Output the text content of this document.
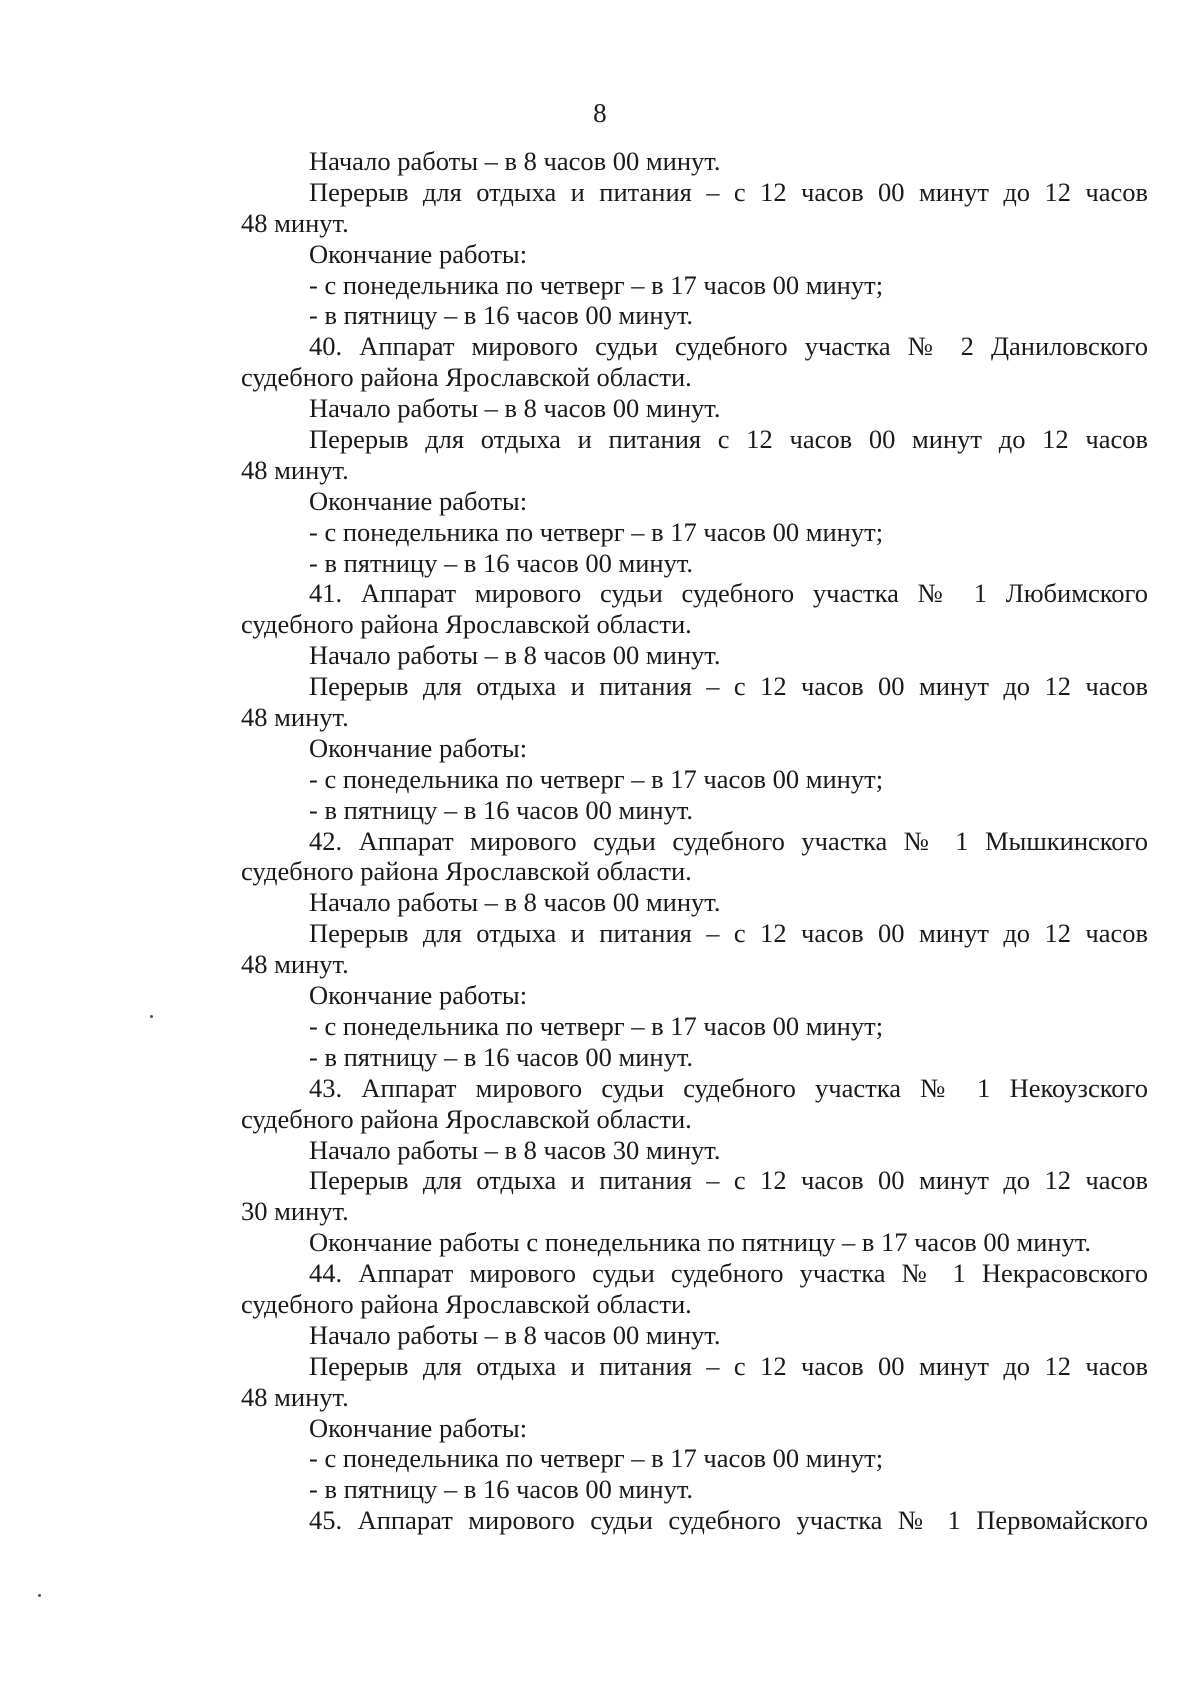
8
Начало работы – в 8 часов 00 минут.
Перерыв для отдыха и питания – с 12 часов 00 минут до 12 часов
48 минут.
Окончание работы:
- с понедельника по четверг – в 17 часов 00 минут;
- в пятницу – в 16 часов 00 минут.
40. Аппарат мирового судьи судебного участка № 2 Даниловского
судебного района Ярославской области.
Начало работы – в 8 часов 00 минут.
Перерыв для отдыха и питания с 12 часов 00 минут до 12 часов
48 минут.
Окончание работы:
- с понедельника по четверг – в 17 часов 00 минут;
- в пятницу – в 16 часов 00 минут.
41. Аппарат мирового судьи судебного участка № 1 Любимского
судебного района Ярославской области.
Начало работы – в 8 часов 00 минут.
Перерыв для отдыха и питания – с 12 часов 00 минут до 12 часов
48 минут.
Окончание работы:
- с понедельника по четверг – в 17 часов 00 минут;
- в пятницу – в 16 часов 00 минут.
42. Аппарат мирового судьи судебного участка № 1 Мышкинского
судебного района Ярославской области.
Начало работы – в 8 часов 00 минут.
Перерыв для отдыха и питания – с 12 часов 00 минут до 12 часов
48 минут.
Окончание работы:
- с понедельника по четверг – в 17 часов 00 минут;
- в пятницу – в 16 часов 00 минут.
43. Аппарат мирового судьи судебного участка № 1 Некоузского
судебного района Ярославской области.
Начало работы – в 8 часов 30 минут.
Перерыв для отдыха и питания – с 12 часов 00 минут до 12 часов
30 минут.
Окончание работы с понедельника по пятницу – в 17 часов 00 минут.
44. Аппарат мирового судьи судебного участка № 1 Некрасовского
судебного района Ярославской области.
Начало работы – в 8 часов 00 минут.
Перерыв для отдыха и питания – с 12 часов 00 минут до 12 часов
48 минут.
Окончание работы:
- с понедельника по четверг – в 17 часов 00 минут;
- в пятницу – в 16 часов 00 минут.
45. Аппарат мирового судьи судебного участка № 1 Первомайского
